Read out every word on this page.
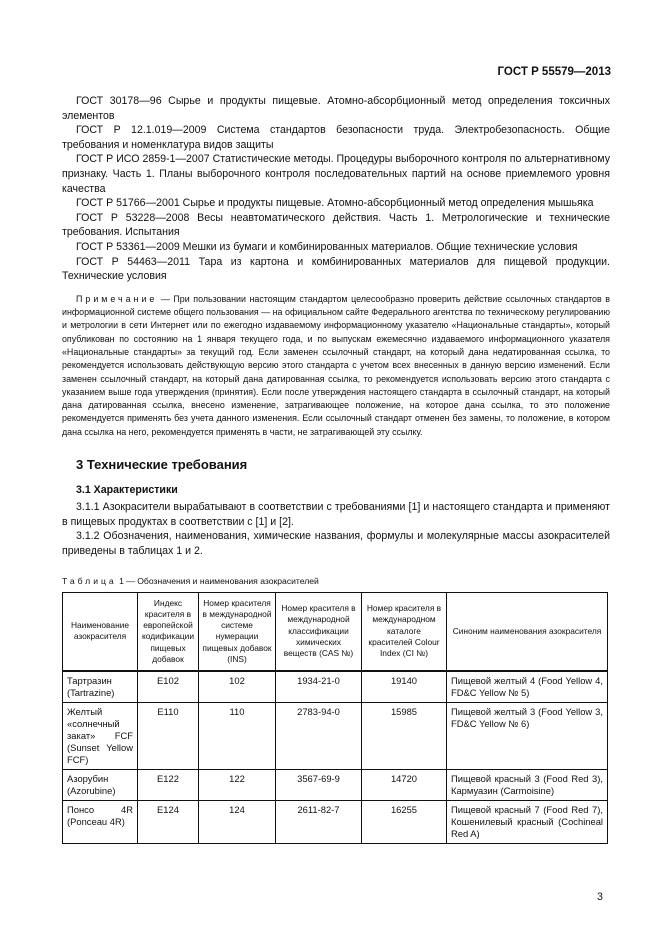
ГОСТ Р 55579—2013

ГОСТ 30178—96 Сырье и продукты пищевые. Атомно-абсорбционный метод определения токсичных элементов

ГОСТ Р 12.1.019—2009 Система стандартов безопасности труда. Электробезопасность. Общие требования и номенклатура видов защиты

ГОСТ Р ИСО 2859-1—2007 Статистические методы. Процедуры выборочного контроля по альтернативному признаку. Часть 1. Планы выборочного контроля последовательных партий на основе приемлемого уровня качества

ГОСТ Р 51766—2001 Сырье и продукты пищевые. Атомно-абсорбционный метод определения мышьяка

ГОСТ Р 53228—2008 Весы неавтоматического действия. Часть 1. Метрологические и технические требования. Испытания

ГОСТ Р 53361—2009 Мешки из бумаги и комбинированных материалов. Общие технические условия

ГОСТ Р 54463—2011 Тара из картона и комбинированных материалов для пищевой продукции. Технические условия

Примечание — При пользовании настоящим стандартом целесообразно проверить действие ссылочных стандартов в информационной системе общего пользования — на официальном сайте Федерального агентства по техническому регулированию и метрологии в сети Интернет или по ежегодно издаваемому информационному указателю «Национальные стандарты», который опубликован по состоянию на 1 января текущего года, и по выпускам ежемесячно издаваемого информационного указателя «Национальные стандарты» за текущий год. Если заменен ссылочный стандарт, на который дана недатированная ссылка, то рекомендуется использовать действующую версию этого стандарта с учетом всех внесенных в данную версию изменений. Если заменен ссылочный стандарт, на который дана датированная ссылка, то рекомендуется использовать версию этого стандарта с указанием выше года утверждения (принятия). Если после утверждения настоящего стандарта в ссылочный стандарт, на который дана датированная ссылка, внесено изменение, затрагивающее положение, на которое дана ссылка, то это положение рекомендуется применять без учета данного изменения. Если ссылочный стандарт отменен без замены, то положение, в котором дана ссылка на него, рекомендуется применять в части, не затрагивающей эту ссылку.

3 Технические требования
3.1 Характеристики

3.1.1 Азокрасители вырабатывают в соответствии с требованиями [1] и настоящего стандарта и применяют в пищевых продуктах в соответствии с [1] и [2].

3.1.2 Обозначения, наименования, химические названия, формулы и молекулярные массы азокрасителей приведены в таблицах 1 и 2.

Таблица 1 — Обозначения и наименования азокрасителей

Наименование азокрасителя	Индекс красителя в европейской кодификации пищевых добавок	Номер красителя в международной системе нумерации пищевых добавок (INS)	Номер красителя в международной классификации химических веществ (CAS №)	Номер красителя в международном каталоге красителей Colour Index (CI №)	Синоним наименования азокрасителя
Тартразин (Tartrazine)	E102	102	1934-21-0	19140	Пищевой желтый 4 (Food Yellow 4, FD&C Yellow № 5)
Желтый «солнечный закат» FCF (Sunset Yellow FCF)	E110	110	2783-94-0	15985	Пищевой желтый 3 (Food Yellow 3, FD&C Yellow № 6)
Азорубин (Azorubine)	E122	122	3567-69-9	14720	Пищевой красный 3 (Food Red 3), Кармуазин (Carmoisine)
Понсо 4R (Ponceau 4R)	E124	124	2611-82-7	16255	Пищевой красный 7 (Food Red 7), Кошенилевый красный (Cochineal Red A)
3
